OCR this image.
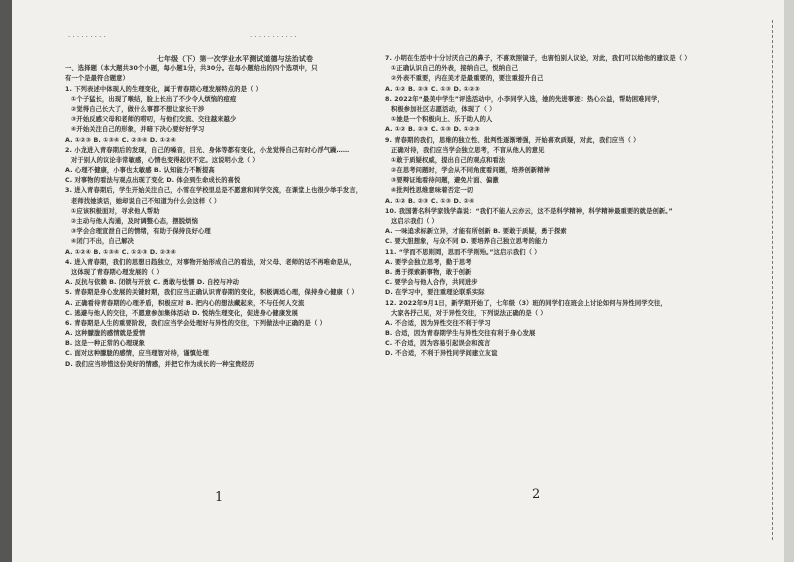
· · · · · · · · ·	· · · · · · · · · · ·
七年级（下）第一次学业水平测试道德与法治试卷
一、选择题（本大题共30个小题，每小题1分，共30分。在每小题给出的四个选项中，只
有一个是最符合题意）
1. 下列表述中体现人的生理变化，属于青春期心理发展特点的是（ ）
①个子猛长，出现了喉结，脸上长出了不少令人烦恼的痘痘
②觉得自己长大了，做什么事都不想让家长干涉
③开始反感父母和老师的唠叨，与他们交流、交往越来越少
④开始关注自己的形象，并暗下决心要好好学习
A. ①②③ B. ①③④ C. ②③④ D. ①②④
2. 小龙进入青春期后的发现，自己的嗓音，目光、身体等都有变化，小龙觉得自己有时心浮气躁……
对于别人的议论非常敏感，心情也变得起伏不定。这说明小龙（ ）
A. 心理不健康，小事也太敏感 B. 认知能力不断提高
C. 对事物的看法与观点出现了变化 D. 体会到生命成长的喜悦
3. 进入青春期后，学生开始关注自己，小雪在学校里总是不愿意和同学交流，在课堂上也很少举手发言，
老师找她谈话，她却说自己不知道为什么会这样（ ）
①应该积极面对，寻求他人帮助
②主动与他人沟通，及时调整心态，摆脱烦恼
③学会合理宣泄自己的情绪，有助于保持良好心理
④闭门不出，自己解决
A. ①②④ B. ①③④ C. ①②③ D. ②③④
4. 进入青春期，我们的思想日趋独立，对事物开始形成自己的看法，对父母、老师的话不再唯命是从，
这体现了青春期心理发展的（ ）
A. 反抗与依赖 B. 闭锁与开放 C. 勇敢与怯懦 D. 自控与冲动
5. 青春期是身心发展的关键时期，我们应当正确认识青春期的变化，积极调适心理，保持身心健康（ ）
A. 正确看待青春期的心理矛盾，积极应对 B. 把内心的想法藏起来，不与任何人交流
C. 逃避与他人的交往，不愿意参加集体活动 D. 悦纳生理变化，促进身心健康发展
6. 青春期是人生的重要阶段，我们应当学会处理好与异性的交往，下列做法中正确的是（ ）
A. 这种朦胧的感情就是爱情
B. 这是一种正常的心理现象
C. 面对这种朦胧的感情，应当理智对待，谨慎处理
D. 我们应当珍惜这份美好的情感，并把它作为成长的一种宝贵经历
7. 小明在生活中十分讨厌自己的鼻子，不喜欢照镜子，也害怕别人议论，对此，我们可以给他的建议是（ ）
①正确认识自己的外表，接纳自己，悦纳自己
②外表不重要，内在美才是最重要的，要注重提升自己
A. ①② B. ②③ C. ①③ D. ①②③
8. 2022年“最美中学生”评选活动中，小李同学入选，她的先进事迹：热心公益，帮助困难同学，
积极参加社区志愿活动，体现了（ ）
①她是一个积极向上、乐于助人的人
A. ①② B. ②③ C. ①③ D. ①②③
9. 青春期的我们，思维的独立性、批判性逐渐增强，开始喜欢质疑，对此，我们应当（ ）
正确对待，我们应当学会独立思考，不盲从他人的意见
①敢于质疑权威，提出自己的观点和看法
②在思考问题时，学会从不同角度看问题，培养创新精神
③要辩证地看待问题，避免片面、偏激
④批判性思维意味着否定一切
A. ①② B. ②③ C. ①③ D. ②④
10. 我国著名科学家钱学森说：“我们不能人云亦云，这不是科学精神，科学精神最重要的就是创新。”
这启示我们（ ）
A. 一味追求标新立异，才能有所创新 B. 要敢于质疑，勇于探索
C. 要大胆想象，与众不同 D. 要培养自己独立思考的能力
11. “学而不思则罔，思而不学则殆。”这启示我们（ ）
A. 要学会独立思考，勤于思考
B. 勇于探索新事物，敢于创新
C. 要学会与他人合作，共同进步
D. 在学习中，要注重理论联系实际
12. 2022年9月1日，新学期开始了，七年级（3）班的同学们在班会上讨论如何与异性同学交往，
大家各抒己见，对于异性交往，下列说法正确的是（ ）
A. 不合适，因为异性交往不利于学习
B. 合适，因为青春期学生与异性交往有利于身心发展
C. 不合适，因为容易引起误会和流言
D. 不合适，不利于异性同学间建立友谊
1	2
